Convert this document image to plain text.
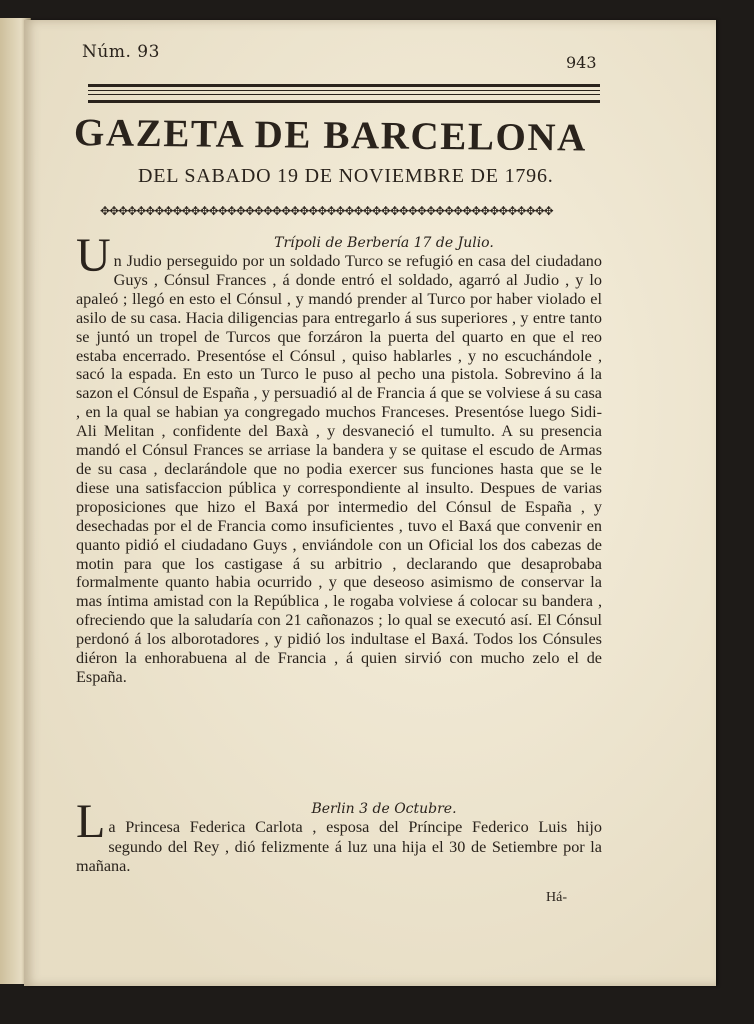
Núm. 93
943
GAZETA DE BARCELONA
DEL SABADO 19 DE NOVIEMBRE DE 1796.
✥✥✥✥✥✥✥✥✥✥✥✥✥✥✥✥✥✥✥✥✥✥✥✥✥✥✥✥✥✥✥✥✥✥✥✥✥✥✥✥✥✥✥✥✥✥✥✥✥✥
Trípoli de Berbería 17 de Julio.

Un Judio perseguido por un soldado Turco se refugió en casa del ciudadano Guys , Cónsul Frances , á donde entró el soldado, agarró al Judio , y lo apaleó ; llegó en esto el Cónsul , y mandó prender al Turco por haber violado el asilo de su casa. Hacia diligencias para entregarlo á sus superiores , y entre tanto se juntó un tropel de Turcos que forzáron la puerta del quarto en que el reo estaba encerrado. Presentóse el Cónsul , quiso hablarles , y no escuchándole , sacó la espada. En esto un Turco le puso al pecho una pistola. Sobrevino á la sazon el Cónsul de España , y persuadió al de Francia á que se volviese á su casa , en la qual se habian ya congregado muchos Franceses. Presentóse luego Sidi-Ali Melitan , confidente del Baxà , y desvaneció el tumulto. A su presencia mandó el Cónsul Frances se arriase la bandera y se quitase el escudo de Armas de su casa , declarándole que no podia exercer sus funciones hasta que se le diese una satisfaccion pública y correspondiente al insulto. Despues de varias proposiciones que hizo el Baxá por intermedio del Cónsul de España , y desechadas por el de Francia como insuficientes , tuvo el Baxá que convenir en quanto pidió el ciudadano Guys , enviándole con un Oficial los dos cabezas de motin para que los castigase á su arbitrio , declarando que desaprobaba formalmente quanto habia ocurrido , y que deseoso asimismo de conservar la mas íntima amistad con la República , le rogaba volviese á colocar su bandera , ofreciendo que la saludaría con 21 cañonazos ; lo qual se executó así. El Cónsul perdonó á los alborotadores , y pidió los indultase el Baxá. Todos los Cónsules diéron la enhorabuena al de Francia , á quien sirvió con mucho zelo el de España.

Berlin 3 de Octubre.

La Princesa Federica Carlota , esposa del Príncipe Federico Luis hijo segundo del Rey , dió felizmente á luz una hija el 30 de Setiembre por la mañana.

Há-
